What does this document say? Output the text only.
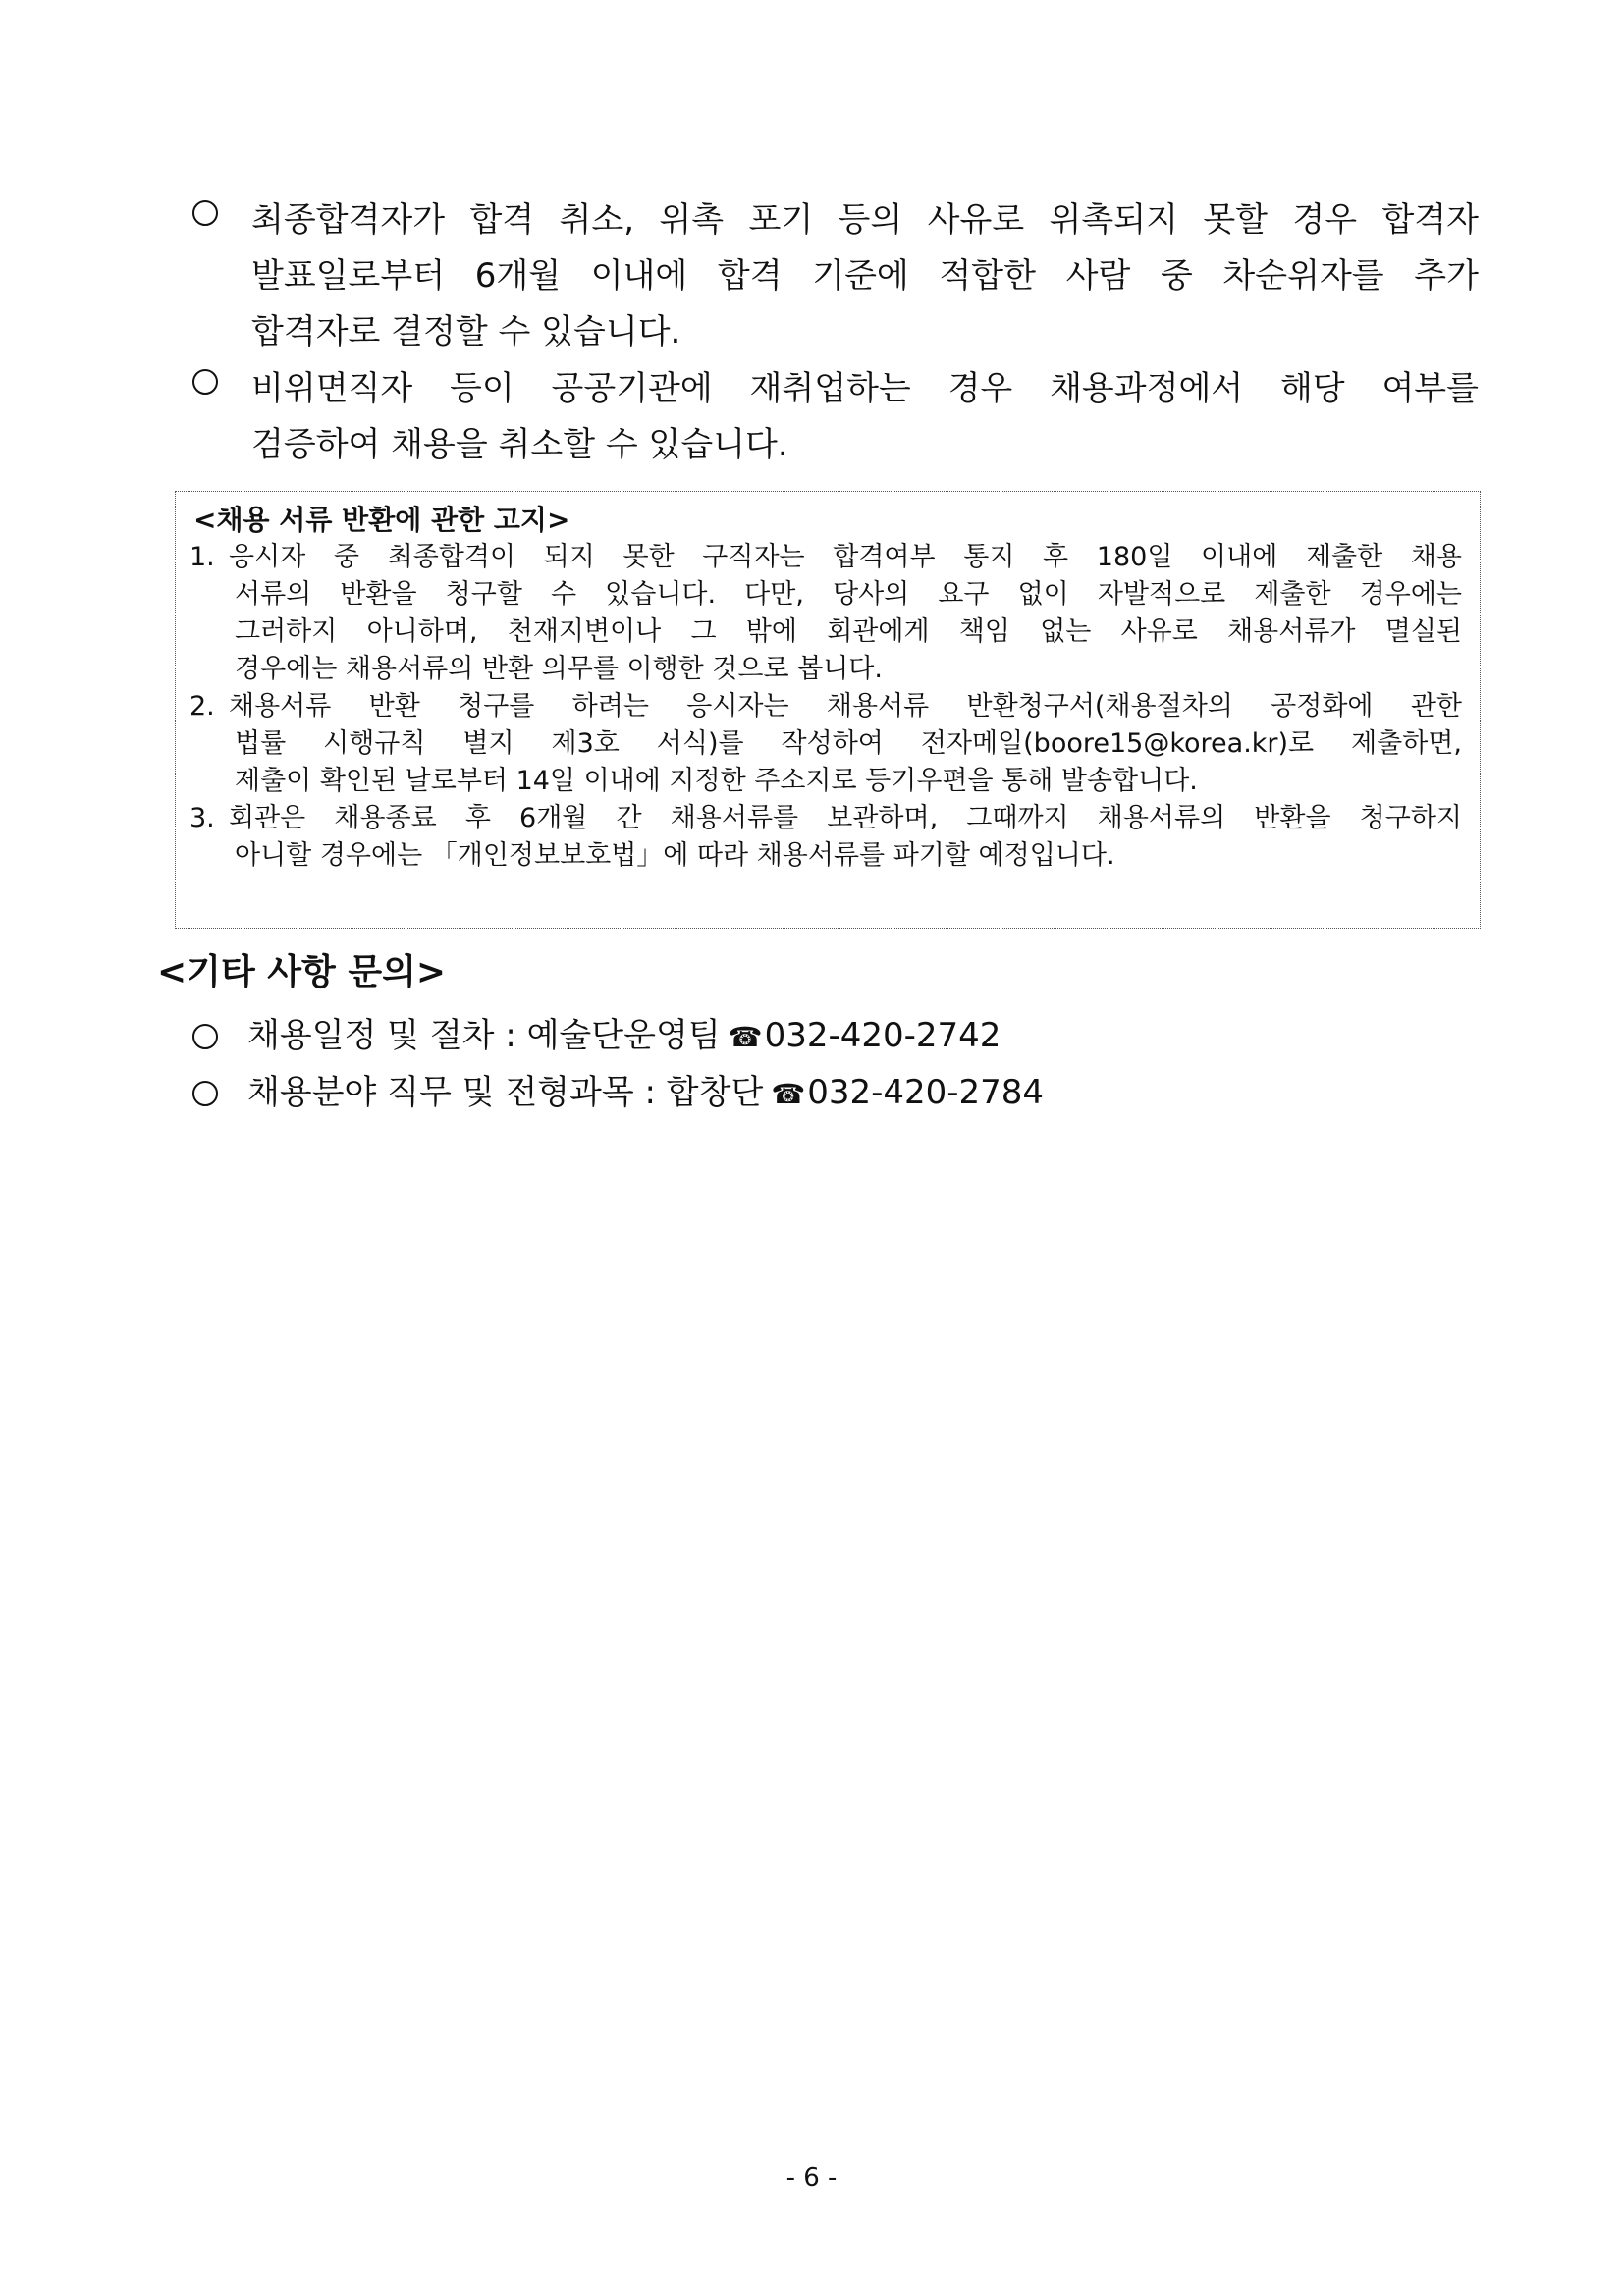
최종합격자가 합격 취소, 위촉 포기 등의 사유로 위촉되지 못할 경우 합격자
발표일로부터 6개월 이내에 합격 기준에 적합한 사람 중 차순위자를 추가
합격자로 결정할 수 있습니다.
비위면직자 등이 공공기관에 재취업하는 경우 채용과정에서 해당 여부를
검증하여 채용을 취소할 수 있습니다.
<채용 서류 반환에 관한 고지>
1. 응시자 중 최종합격이 되지 못한 구직자는 합격여부 통지 후 180일 이내에 제출한 채용
서류의 반환을 청구할 수 있습니다. 다만, 당사의 요구 없이 자발적으로 제출한 경우에는
그러하지 아니하며, 천재지변이나 그 밖에 회관에게 책임 없는 사유로 채용서류가 멸실된
경우에는 채용서류의 반환 의무를 이행한 것으로 봅니다.
2. 채용서류 반환 청구를 하려는 응시자는 채용서류 반환청구서(채용절차의 공정화에 관한
법률 시행규칙 별지 제3호 서식)를 작성하여 전자메일(boore15@korea.kr)로 제출하면,
제출이 확인된 날로부터 14일 이내에 지정한 주소지로 등기우편을 통해 발송합니다.
3. 회관은 채용종료 후 6개월 간 채용서류를 보관하며, 그때까지 채용서류의 반환을 청구하지
아니할 경우에는 「개인정보보호법」에 따라 채용서류를 파기할 예정입니다.
<기타 사항 문의>
채용일정 및 절차 : 예술단운영팀 ☎032-420-2742
채용분야 직무 및 전형과목 : 합창단 ☎032-420-2784
- 6 -
